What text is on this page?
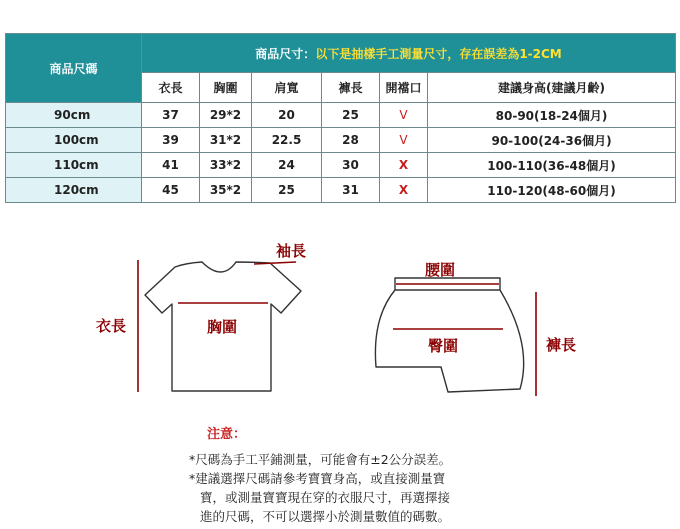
商品尺碼	商品尺寸：以下是抽樣手工測量尺寸，存在誤差為1-2CM					
	衣長	胸圍	肩寬	褲長	開襠口	建議身高(建議月齡)
90cm	37	29*2	20	25	V	80-90(18-24個月)
100cm	39	31*2	22.5	28	V	90-100(24-36個月)
110cm	41	33*2	24	30	X	100-110(36-48個月)
120cm	45	35*2	25	31	X	110-120(48-60個月)
袖長
衣長	胸圍
腰圍
臀圍	褲長
注意：
*尺碼為手工平鋪測量，可能會有±2公分誤差。
*建議選擇尺碼請參考寶寶身高，或直接測量寶
寶，或測量寶寶現在穿的衣服尺寸，再選擇接
進的尺碼，不可以選擇小於測量數值的碼數。
